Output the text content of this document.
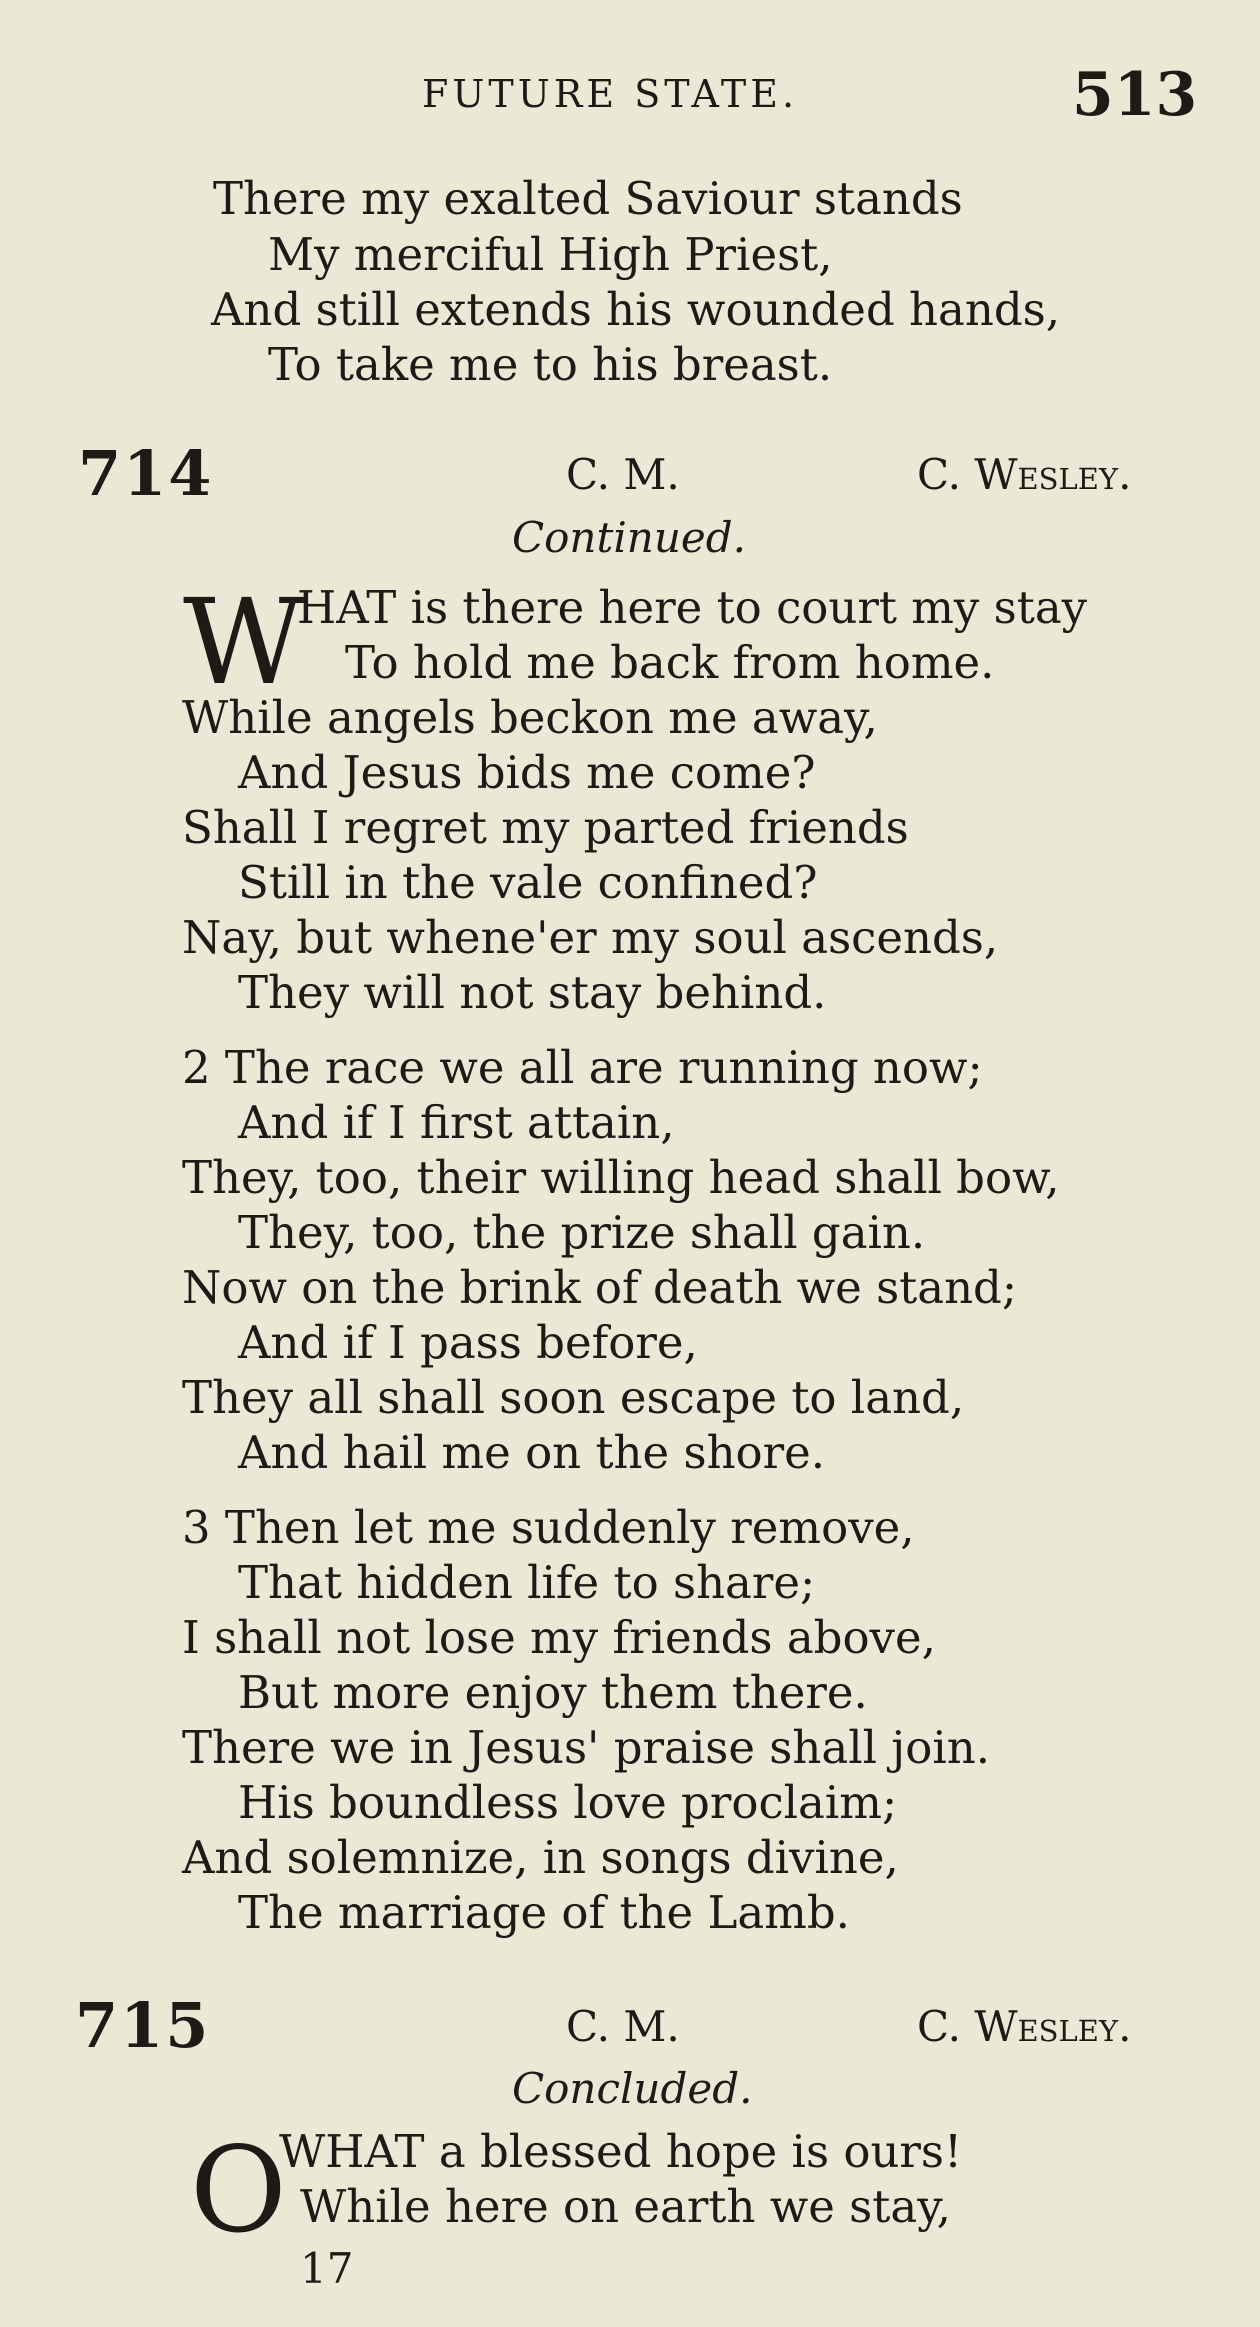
FUTURE STATE.	513
There my exalted Saviour stands
My merciful High Priest,
And still extends his wounded hands,
To take me to his breast.
714	C. M.	C. Wesley.
Continued.
W
HAT is there here to court my stay
To hold me back from home.
While angels beckon me away,
And Jesus bids me come?
Shall I regret my parted friends
Still in the vale confined?
Nay, but whene'er my soul ascends,
They will not stay behind.
2 The race we all are running now;
And if I first attain,
They, too, their willing head shall bow,
They, too, the prize shall gain.
Now on the brink of death we stand;
And if I pass before,
They all shall soon escape to land,
And hail me on the shore.
3 Then let me suddenly remove,
That hidden life to share;
I shall not lose my friends above,
But more enjoy them there.
There we in Jesus' praise shall join.
His boundless love proclaim;
And solemnize, in songs divine,
The marriage of the Lamb.
715	C. M.	C. Wesley.
Concluded.
O
WHAT a blessed hope is ours!
While here on earth we stay,
17
